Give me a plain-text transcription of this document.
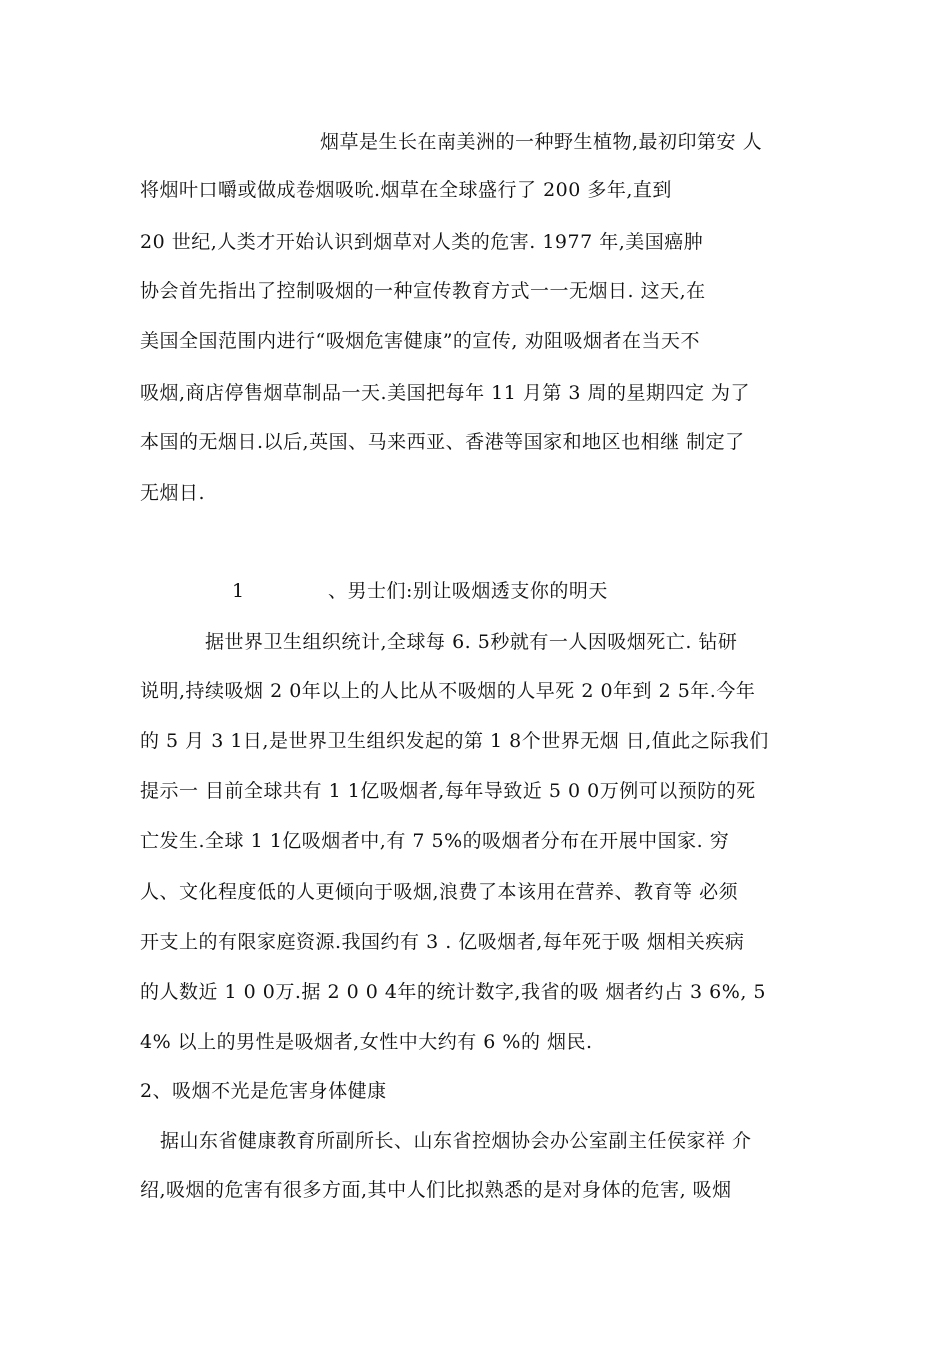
烟草是生长在南美洲的一种野生植物,最初印第安 人
将烟叶口嚼或做成卷烟吸吮.烟草在全球盛行了 200 多年,直到
20 世纪,人类才开始认识到烟草对人类的危害. 1977 年,美国癌肿
协会首先指出了控制吸烟的一种宣传教育方式一一无烟日. 这天,在
美国全国范围内进行“吸烟危害健康”的宣传, 劝阻吸烟者在当天不
吸烟,商店停售烟草制品一天.美国把每年 11 月第 3 周的星期四定 为了
本国的无烟日.以后,英国、马来西亚、香港等国家和地区也相继 制定了
无烟日.
1	、男士们:别让吸烟透支你的明天
据世界卫生组织统计,全球每 6. 5秒就有一人因吸烟死亡. 钻研
说明,持续吸烟 2 0年以上的人比从不吸烟的人早死 2 0年到 2 5年.今年
的 5 月 3 1日,是世界卫生组织发起的第 1 8个世界无烟 日,值此之际我们
提示一 目前全球共有 1 1亿吸烟者,每年导致近 5 0 0万例可以预防的死
亡发生.全球 1 1亿吸烟者中,有 7 5%的吸烟者分布在开展中国家. 穷
人、文化程度低的人更倾向于吸烟,浪费了本该用在营养、教育等 必须
开支上的有限家庭资源.我国约有 3 . 亿吸烟者,每年死于吸 烟相关疾病
的人数近 1 0 0万.据 2 0 0 4年的统计数字,我省的吸 烟者约占 3 6%, 5
4% 以上的男性是吸烟者,女性中大约有 6 %的 烟民.
2、吸烟不光是危害身体健康
据山东省健康教育所副所长、山东省控烟协会办公室副主任侯家祥 介
绍,吸烟的危害有很多方面,其中人们比拟熟悉的是对身体的危害, 吸烟
